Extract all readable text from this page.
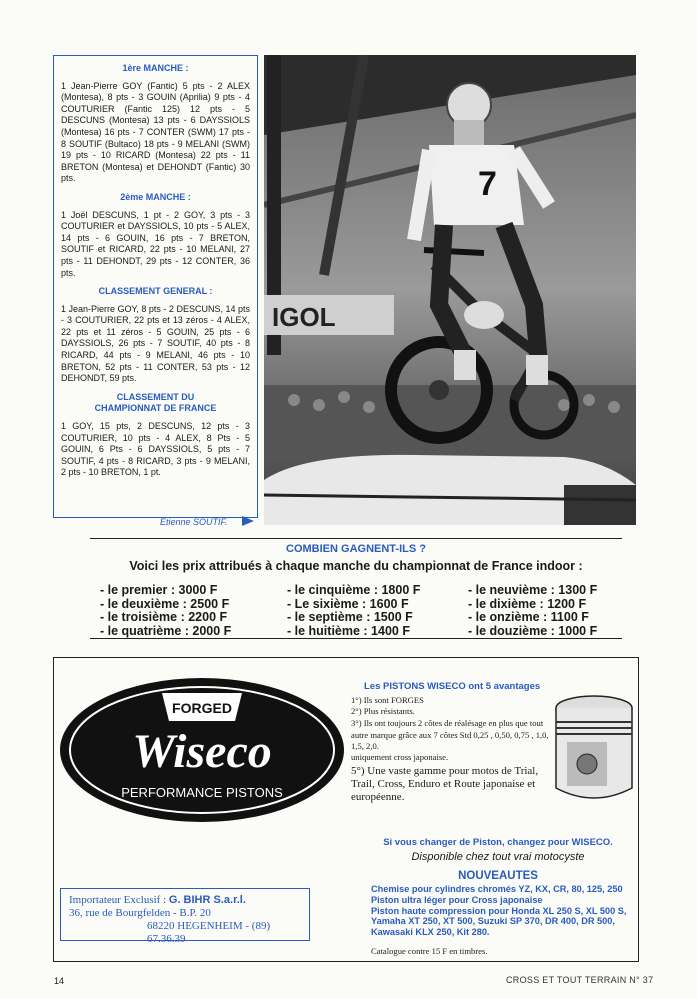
1ère MANCHE :

1 Jean-Pierre GOY (Fantic) 5 pts - 2 ALEX (Montesa), 8 pts - 3 GOUIN (Aprilia) 9 pts - 4 COUTURIER (Fantic 125) 12 pts - 5 DESCUNS (Montesa) 13 pts - 6 DAYSSIOLS (Montesa) 16 pts - 7 CONTER (SWM) 17 pts - 8 SOUTIF (Bultaco) 18 pts - 9 MELANI (SWM) 19 pts - 10 RICARD (Montesa) 22 pts - 11 BRETON (Montesa) et DEHONDT (Fantic) 30 pts.

2ème MANCHE :

1 Joël DESCUNS, 1 pt - 2 GOY, 3 pts - 3 COUTURIER et DAYSSIOLS, 10 pts - 5 ALEX, 14 pts - 6 GOUIN, 16 pts - 7 BRETON, SOUTIF et RICARD, 22 pts - 10 MELANI, 27 pts - 11 DEHONDT, 29 pts - 12 CONTER, 36 pts.

CLASSEMENT GENERAL :

1 Jean-Pierre GOY, 8 pts - 2 DESCUNS, 14 pts - 3 COUTURIER, 22 pts et 13 zéros - 4 ALEX, 22 pts et 11 zéros - 5 GOUIN, 25 pts - 6 DAYSSIOLS, 26 pts - 7 SOUTIF, 40 pts - 8 RICARD, 44 pts - 9 MELANI, 46 pts - 10 BRETON, 52 pts - 11 CONTER, 53 pts - 12 DEHONDT, 59 pts.

CLASSEMENT DU
CHAMPIONNAT DE FRANCE

1 GOY, 15 pts, 2 DESCUNS, 12 pts - 3 COUTURIER, 10 pts - 4 ALEX, 8 Pts - 5 GOUIN, 6 Pts - 6 DAYSSIOLS, 5 pts - 7 SOUTIF, 4 pts - 8 RICARD, 3 pts - 9 MELANI, 2 pts - 10 BRETON, 1 pt.

Etienne SOUTIF.
IGOL
7
COMBIEN GAGNENT-ILS ?
Voici les prix attribués à chaque manche du championnat de France indoor :
- le premier : 3000 F
- le deuxième : 2500 F
- le troisième : 2200 F
- le quatrième : 2000 F
- le cinquième : 1800 F
- Le sixième : 1600 F
- le septième : 1500 F
- le huitième : 1400 F
- le neuvième : 1300 F
- le dixième : 1200 F
- le onzième : 1100 F
- le douzième : 1000 F
FORGED
Wiseco
PERFORMANCE PISTONS
Les PISTONS WISECO ont 5 avantages
1°) Ils sont FORGES
2°) Plus résistants.
3°) Ils ont toujours 2 côtes de réalésage en plus que tout autre marque grâce aux 7 côtes Std 0,25 , 0,50, 0,75 , 1,0, 1,5, 2,0.
uniquement cross japonaise.
5°) Une vaste gamme pour motos de Trial, Trail, Cross, Enduro et Route japonaise et européenne.
Si vous changer de Piston, changez pour WISECO.
Disponible chez tout vrai motocyste
NOUVEAUTES
Chemise pour cylindres chromés YZ, KX, CR, 80, 125, 250
Piston ultra léger pour Cross japonaise
Piston haute compression pour Honda XL 250 S, XL 500 S, Yamaha XT 250, XT 500, Suzuki SP 370, DR 400, DR 500, Kawasaki KLX 250, Kit 280.
Catalogue contre 15 F en timbres.
Importateur Exclusif : G. BIHR S.a.r.l.
36, rue de Bourgfelden - B.P. 20
68220 HEGENHEIM - (89) 67.36.39
14	CROSS ET TOUT TERRAIN N° 37
